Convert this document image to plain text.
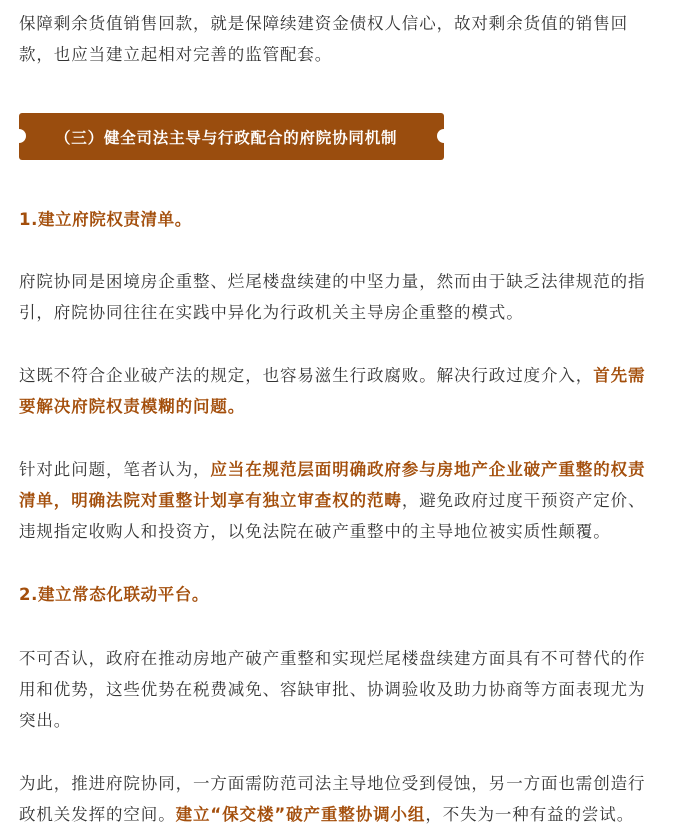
保障剩余货值销售回款，就是保障续建资金债权人信心，故对剩余货值的销售回
款，也应当建立起相对完善的监管配套。

（三）健全司法主导与行政配合的府院协同机制

1.建立府院权责清单。

府院协同是困境房企重整、烂尾楼盘续建的中坚力量，然而由于缺乏法律规范的指
引，府院协同往往在实践中异化为行政机关主导房企重整的模式。

这既不符合企业破产法的规定，也容易滋生行政腐败。解决行政过度介入，首先需
要解决府院权责模糊的问题。

针对此问题，笔者认为，应当在规范层面明确政府参与房地产企业破产重整的权责
清单，明确法院对重整计划享有独立审查权的范畴，避免政府过度干预资产定价、
违规指定收购人和投资方，以免法院在破产重整中的主导地位被实质性颠覆。

2.建立常态化联动平台。

不可否认，政府在推动房地产破产重整和实现烂尾楼盘续建方面具有不可替代的作
用和优势，这些优势在税费减免、容缺审批、协调验收及助力协商等方面表现尤为
突出。

为此，推进府院协同，一方面需防范司法主导地位受到侵蚀，另一方面也需创造行
政机关发挥的空间。建立“保交楼”破产重整协调小组，不失为一种有益的尝试。
